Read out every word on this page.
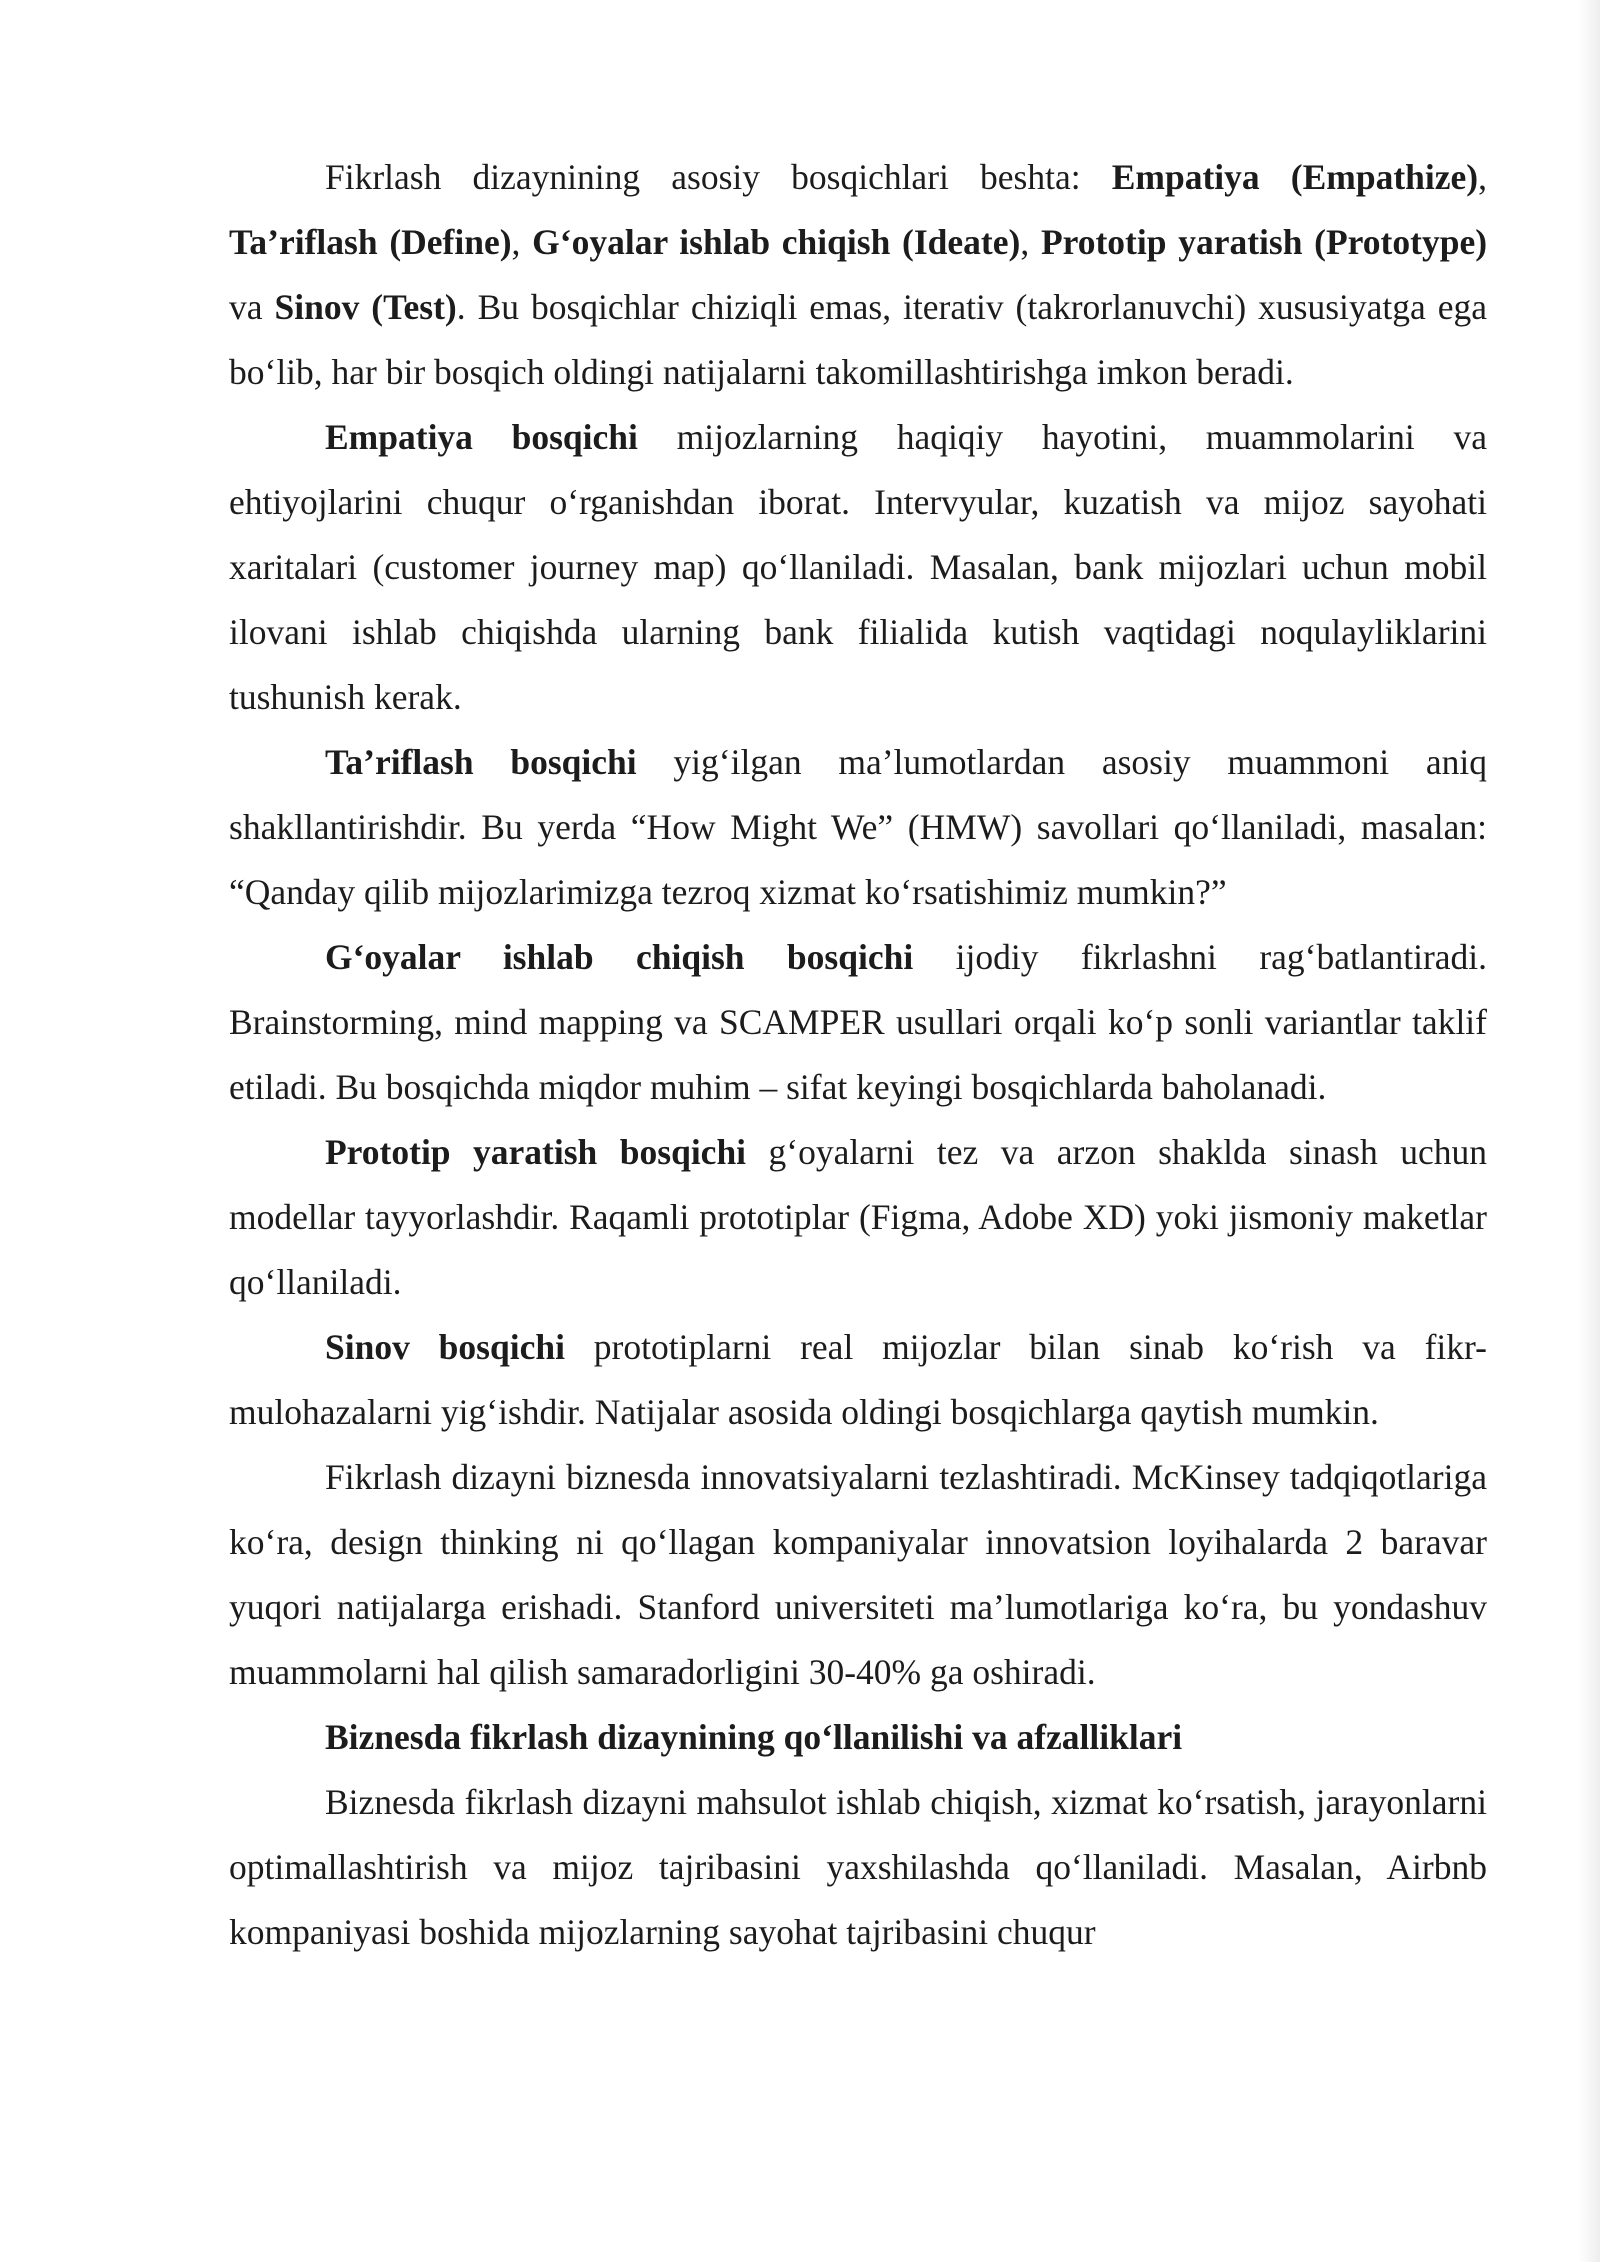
Fikrlash dizaynining asosiy bosqichlari beshta: Empatiya (Empathize), Ta’riflash (Define), G‘oyalar ishlab chiqish (Ideate), Prototip yaratish (Prototype) va Sinov (Test). Bu bosqichlar chiziqli emas, iterativ (takrorlanuvchi) xususiyatga ega bo‘lib, har bir bosqich oldingi natijalarni takomillashtirishga imkon beradi.

Empatiya bosqichi mijozlarning haqiqiy hayotini, muammolarini va ehtiyojlarini chuqur o‘rganishdan iborat. Intervyular, kuzatish va mijoz sayohati xaritalari (customer journey map) qo‘llaniladi. Masalan, bank mijozlari uchun mobil ilovani ishlab chiqishda ularning bank filialida kutish vaqtidagi noqulayliklarini tushunish kerak.

Ta’riflash bosqichi yig‘ilgan ma’lumotlardan asosiy muammoni aniq shakllantirishdir. Bu yerda “How Might We” (HMW) savollari qo‘llaniladi, masalan: “Qanday qilib mijozlarimizga tezroq xizmat ko‘rsatishimiz mumkin?”

G‘oyalar ishlab chiqish bosqichi ijodiy fikrlashni rag‘batlantiradi. Brainstorming, mind mapping va SCAMPER usullari orqali ko‘p sonli variantlar taklif etiladi. Bu bosqichda miqdor muhim – sifat keyingi bosqichlarda baholanadi.

Prototip yaratish bosqichi g‘oyalarni tez va arzon shaklda sinash uchun modellar tayyorlashdir. Raqamli prototiplar (Figma, Adobe XD) yoki jismoniy maketlar qo‘llaniladi.

Sinov bosqichi prototiplarni real mijozlar bilan sinab ko‘rish va fikr-mulohazalarni yig‘ishdir. Natijalar asosida oldingi bosqichlarga qaytish mumkin.

Fikrlash dizayni biznesda innovatsiyalarni tezlashtiradi. McKinsey tadqiqotlariga ko‘ra, design thinking ni qo‘llagan kompaniyalar innovatsion loyihalarda 2 baravar yuqori natijalarga erishadi. Stanford universiteti ma’lumotlariga ko‘ra, bu yondashuv muammolarni hal qilish samaradorligini 30-40% ga oshiradi.

Biznesda fikrlash dizaynining qo‘llanilishi va afzalliklari

Biznesda fikrlash dizayni mahsulot ishlab chiqish, xizmat ko‘rsatish, jarayonlarni optimallashtirish va mijoz tajribasini yaxshilashda qo‘llaniladi. Masalan, Airbnb kompaniyasi boshida mijozlarning sayohat tajribasini chuqur
